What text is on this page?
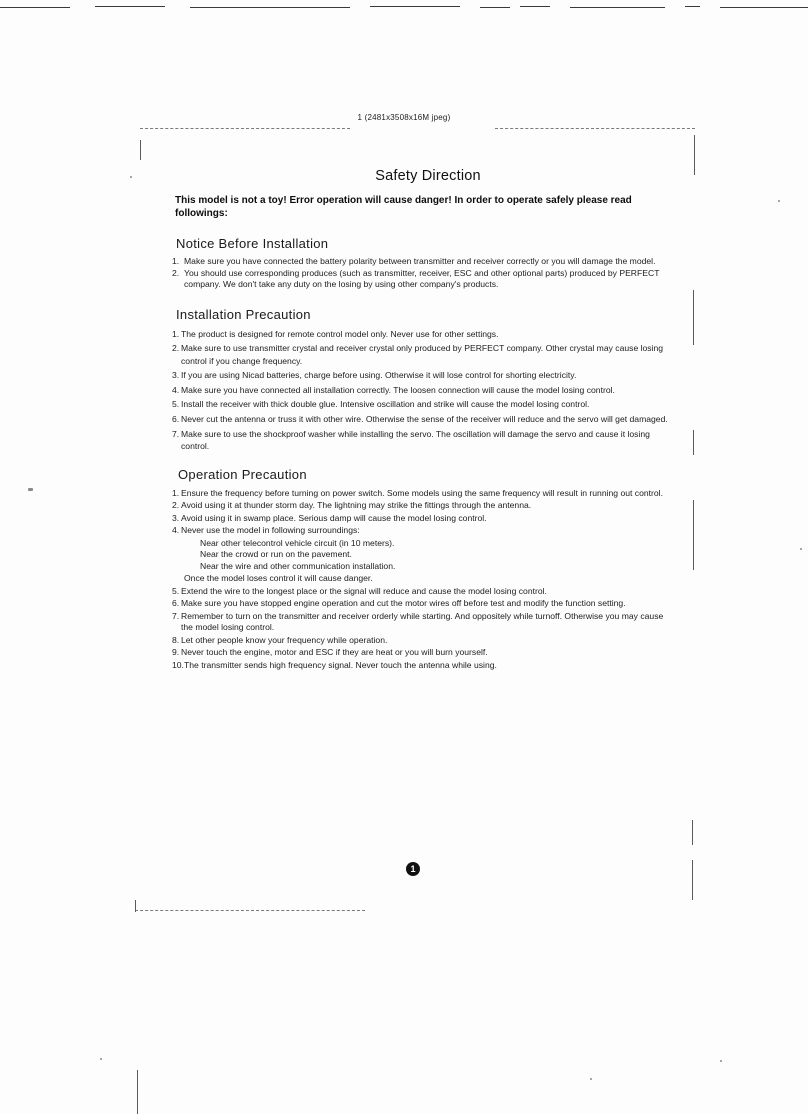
1 (2481x3508x16M jpeg)
Safety Direction
This model is not a toy! Error operation will cause danger! In order to operate safely please read followings:
Notice Before Installation
1. Make sure you have connected the battery polarity between transmitter and receiver correctly or you will damage the model.
2. You should use corresponding produces (such as transmitter, receiver, ESC and other optional parts) produced by PERFECT company. We don't take any duty on the losing by using other company's products.
Installation Precaution
1. The product is designed for remote control model only. Never use for other settings.
2. Make sure to use transmitter crystal and receiver crystal only produced by PERFECT company. Other crystal may cause losing control if you change frequency.
3. If you are using Nicad batteries, charge before using. Otherwise it will lose control for shorting electricity.
4. Make sure you have connected all installation correctly. The loosen connection will cause the model losing control.
5. Install the receiver with thick double glue. Intensive oscillation and strike will cause the model losing control.
6. Never cut the antenna or truss it with other wire. Otherwise the sense of the receiver will reduce and the servo will get damaged.
7. Make sure to use the shockproof washer while installing the servo. The oscillation will damage the servo and cause it losing control.
Operation Precaution
1. Ensure the frequency before turning on power switch. Some models using the same frequency will result in running out control.
2. Avoid using it at thunder storm day. The lightning may strike the fittings through the antenna.
3. Avoid using it in swamp place. Serious damp will cause the model losing control.
4. Never use the model in following surroundings:
Near other telecontrol vehicle circuit (in 10 meters).
Near the crowd or run on the pavement.
Near the wire and other communication installation.
Once the model loses control it will cause danger.
5. Extend the wire to the longest place or the signal will reduce and cause the model losing control.
6. Make sure you have stopped engine operation and cut the motor wires off before test and modify the function setting.
7. Remember to turn on the transmitter and receiver orderly while starting. And oppositely while turnoff. Otherwise you may cause the model losing control.
8. Let other people know your frequency while operation.
9. Never touch the engine, motor and ESC if they are heat or you will burn yourself.
10. The transmitter sends high frequency signal. Never touch the antenna while using.
1
